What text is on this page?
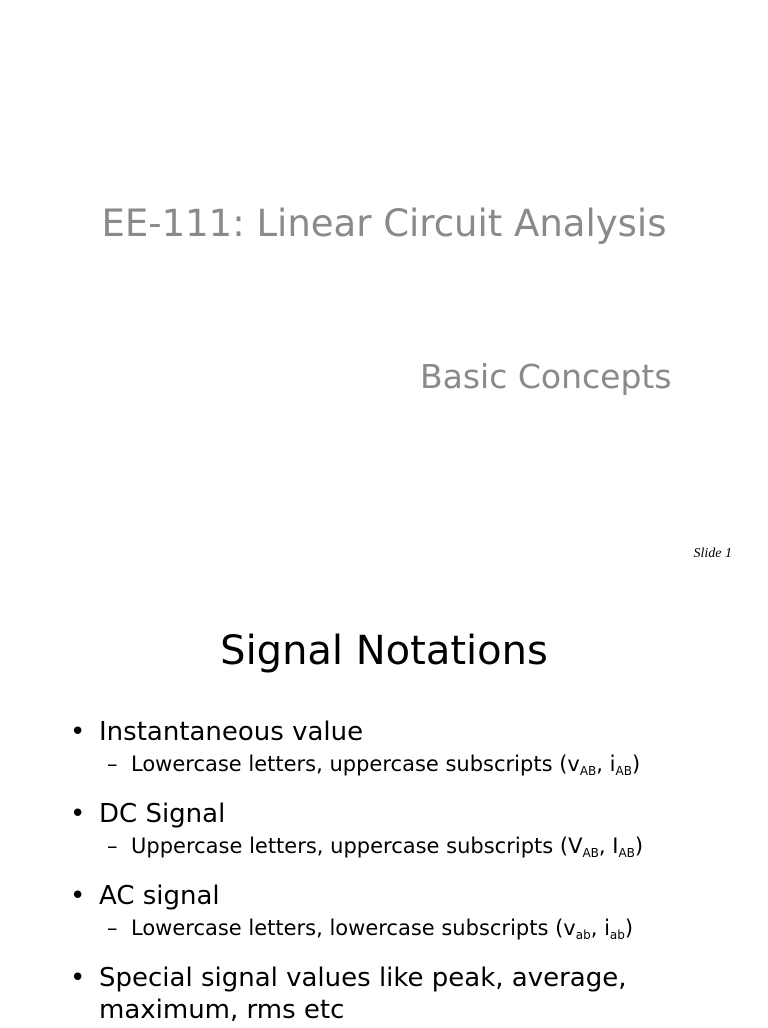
EE-111: Linear Circuit Analysis
Basic Concepts
Slide 1
Signal Notations
• Instantaneous value
– Lowercase letters, uppercase subscripts ($v_{AB}$, $i_{AB}$)
• DC Signal
– Uppercase letters, uppercase subscripts ($V_{AB}$, $I_{AB}$)
• AC signal
– Lowercase letters, lowercase subscripts ($v_{ab}$, $i_{ab}$)
• Special signal values like peak, average, maximum, rms etc
